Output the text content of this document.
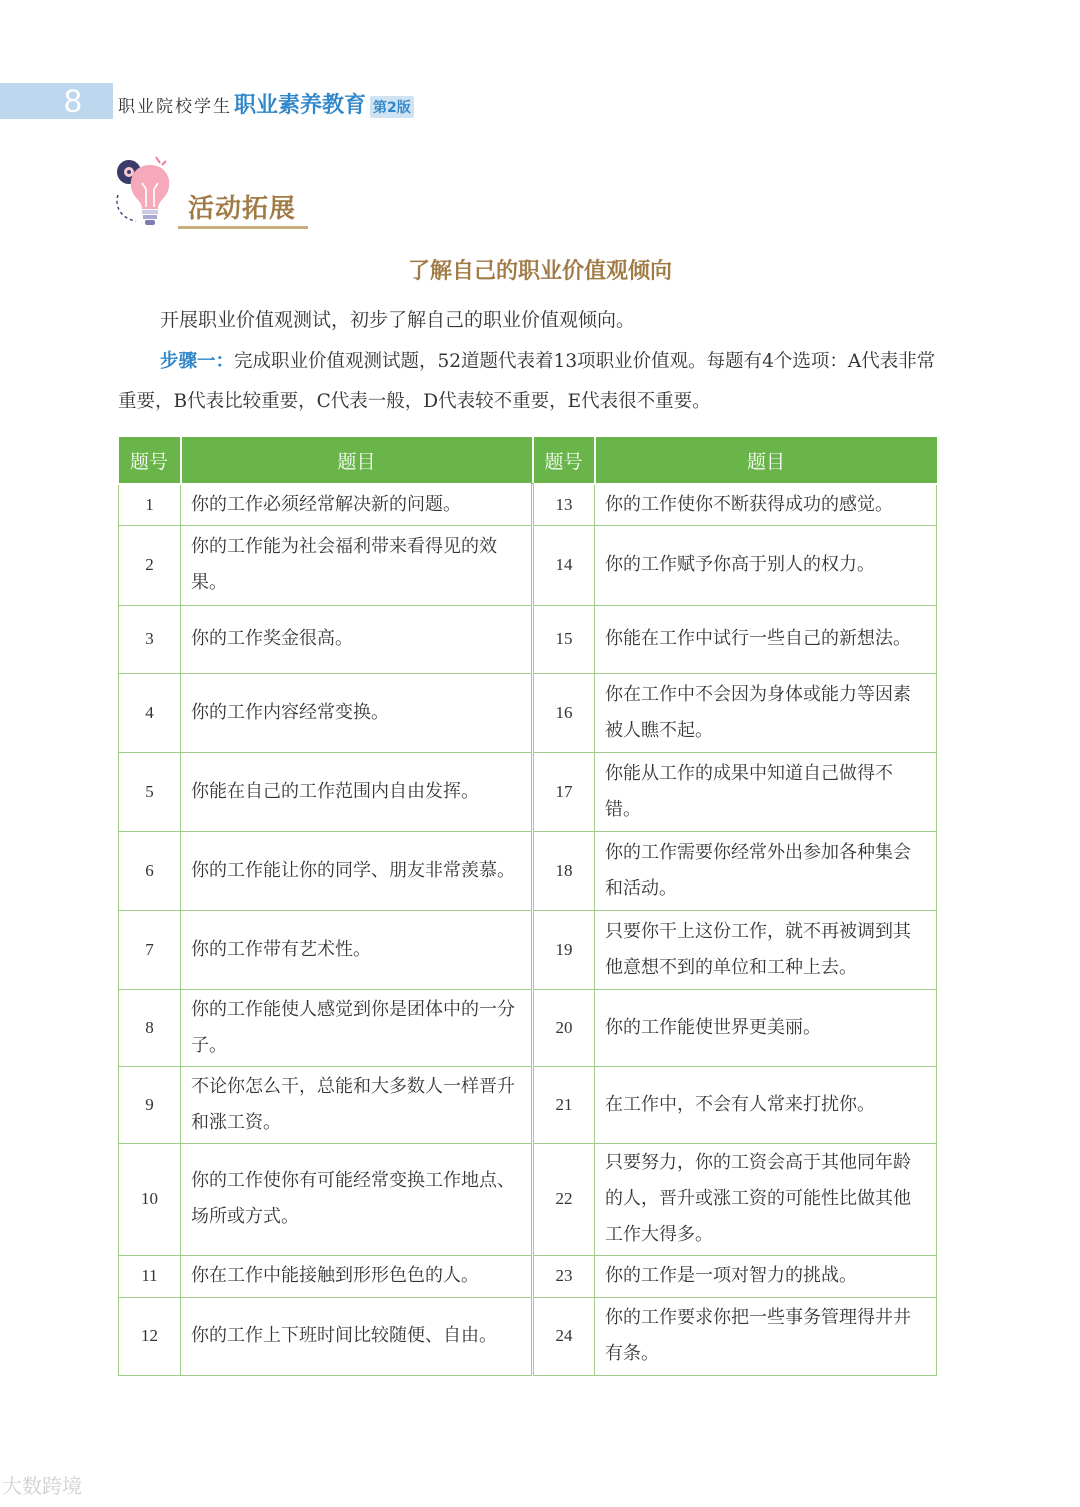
8	职业院校学生 职业素养教育 第2版
活动拓展
了解自己的职业价值观倾向
开展职业价值观测试，初步了解自己的职业价值观倾向。
步骤一：完成职业价值观测试题，52道题代表着13项职业价值观。每题有4个选项：A代表非常重要，B代表比较重要，C代表一般，D代表较不重要，E代表很不重要。
题号	题目	题号	题目
1	你的工作必须经常解决新的问题。	13	你的工作使你不断获得成功的感觉。
2	你的工作能为社会福利带来看得见的效果。	14	你的工作赋予你高于别人的权力。
3	你的工作奖金很高。	15	你能在工作中试行一些自己的新想法。
4	你的工作内容经常变换。	16	你在工作中不会因为身体或能力等因素被人瞧不起。
5	你能在自己的工作范围内自由发挥。	17	你能从工作的成果中知道自己做得不错。
6	你的工作能让你的同学、朋友非常羡慕。	18	你的工作需要你经常外出参加各种集会和活动。
7	你的工作带有艺术性。	19	只要你干上这份工作，就不再被调到其他意想不到的单位和工种上去。
8	你的工作能使人感觉到你是团体中的一分子。	20	你的工作能使世界更美丽。
9	不论你怎么干，总能和大多数人一样晋升和涨工资。	21	在工作中，不会有人常来打扰你。
10	你的工作使你有可能经常变换工作地点、场所或方式。	22	只要努力，你的工资会高于其他同年龄的人，晋升或涨工资的可能性比做其他工作大得多。
11	你在工作中能接触到形形色色的人。	23	你的工作是一项对智力的挑战。
12	你的工作上下班时间比较随便、自由。	24	你的工作要求你把一些事务管理得井井有条。
大数跨境
